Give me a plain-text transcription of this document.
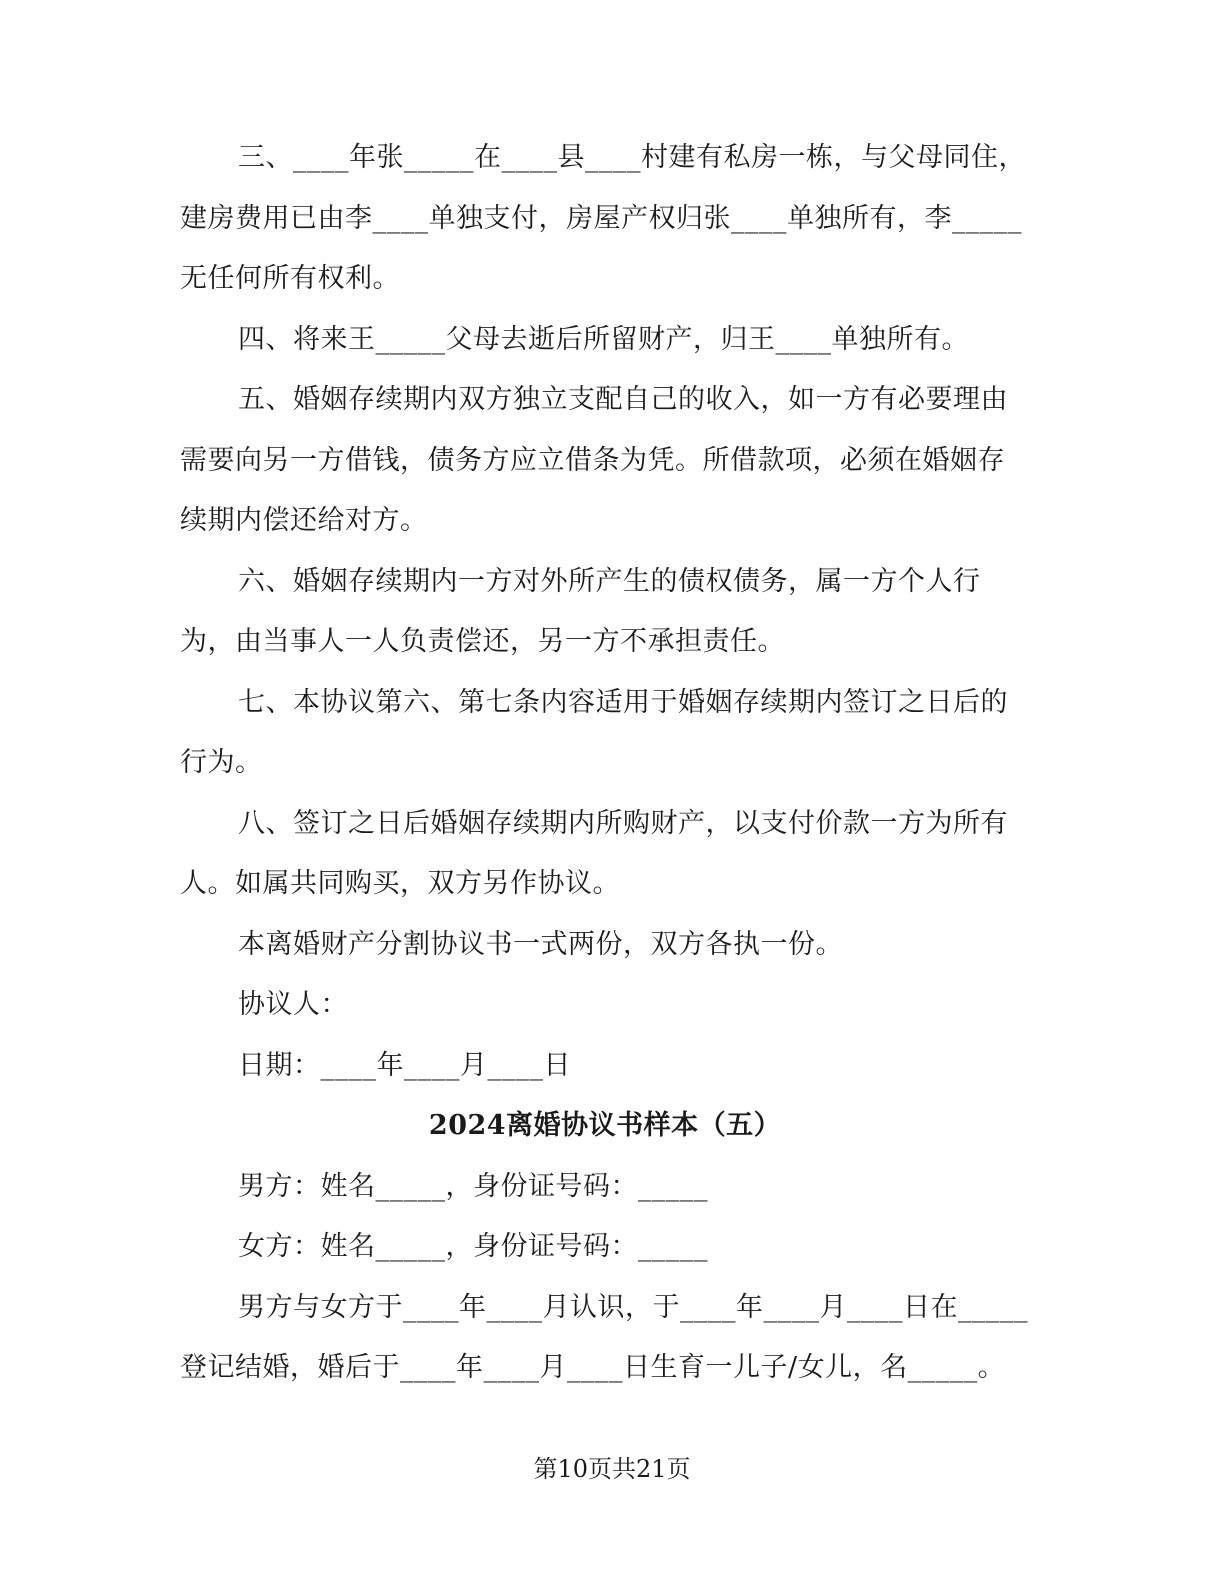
三、____年张_____在____县____村建有私房一栋，与父母同住，建房费用已由李____单独支付，房屋产权归张____单独所有，李_____无任何所有权利。

四、将来王_____父母去逝后所留财产，归王____单独所有。

五、婚姻存续期内双方独立支配自己的收入，如一方有必要理由需要向另一方借钱，债务方应立借条为凭。所借款项，必须在婚姻存续期内偿还给对方。

六、婚姻存续期内一方对外所产生的债权债务，属一方个人行为，由当事人一人负责偿还，另一方不承担责任。

七、本协议第六、第七条内容适用于婚姻存续期内签订之日后的行为。

八、签订之日后婚姻存续期内所购财产，以支付价款一方为所有人。如属共同购买，双方另作协议。

本离婚财产分割协议书一式两份，双方各执一份。

协议人：

日期：____年____月____日

2024离婚协议书样本（五）

男方：姓名_____，身份证号码：_____

女方：姓名_____，身份证号码：_____

男方与女方于____年____月认识，于____年____月____日在_____登记结婚，婚后于____年____月____日生育一儿子/女儿，名_____。

第10页共21页
